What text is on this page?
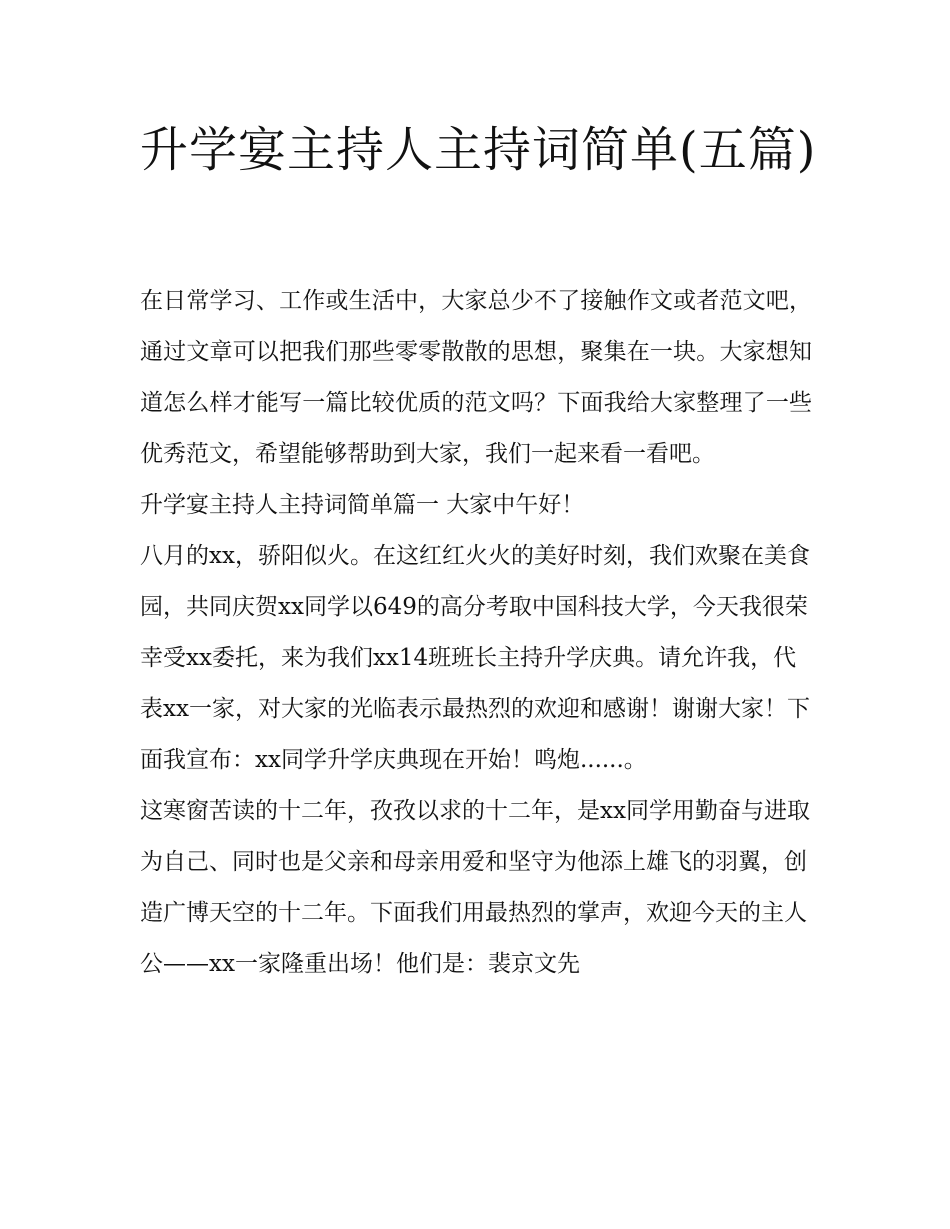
升学宴主持人主持词简单(五篇)

在日常学习、工作或生活中，大家总少不了接触作文或者范文吧，通过文章可以把我们那些零零散散的思想，聚集在一块。大家想知道怎么样才能写一篇比较优质的范文吗？下面我给大家整理了一些优秀范文，希望能够帮助到大家，我们一起来看一看吧。

升学宴主持人主持词简单篇一 大家中午好！

八月的xx，骄阳似火。在这红红火火的美好时刻，我们欢聚在美食园，共同庆贺xx同学以649的高分考取中国科技大学，今天我很荣幸受xx委托，来为我们xx14班班长主持升学庆典。请允许我，代表xx一家，对大家的光临表示最热烈的欢迎和感谢！谢谢大家！下面我宣布：xx同学升学庆典现在开始！鸣炮......。

这寒窗苦读的十二年，孜孜以求的十二年，是xx同学用勤奋与进取为自己、同时也是父亲和母亲用爱和坚守为他添上雄飞的羽翼，创造广博天空的十二年。下面我们用最热烈的掌声，欢迎今天的主人公——xx一家隆重出场！他们是：裴京文先
